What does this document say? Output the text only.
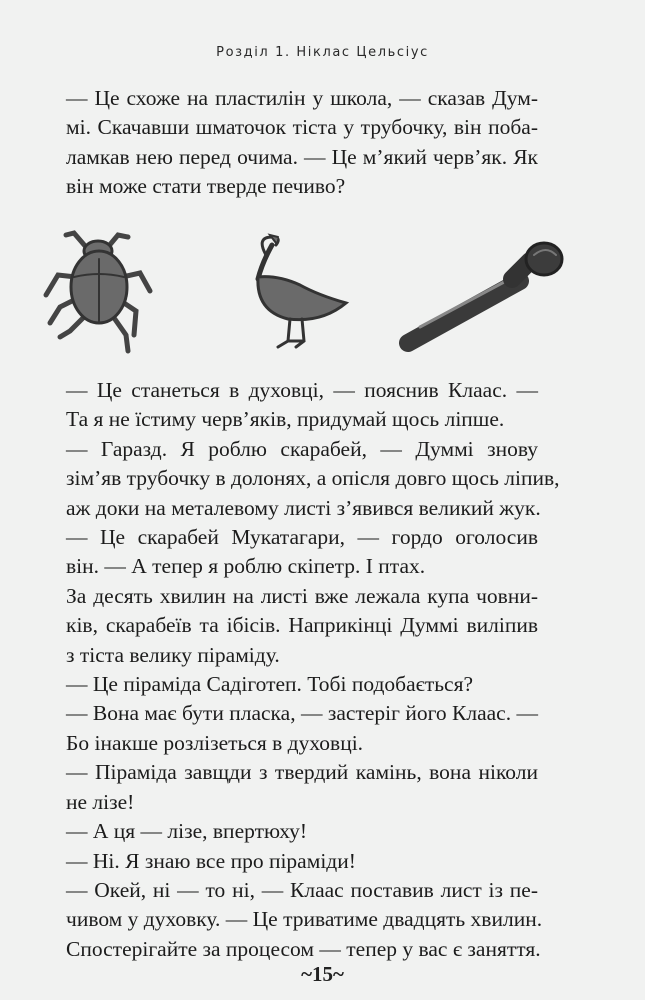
Розділ 1. Ніклас Цельсіус
— Це схоже на пластилін у школа, — сказав Дум-
мі. Скачавши шматочок тіста у трубочку, він поба-
ламкав нею перед очима. — Це м’який черв’як. Як
він може стати тверде печиво?
— Це станеться в духовці, — пояснив Клаас. —
Та я не їстиму черв’яків, придумай щось ліпше.
— Гаразд. Я роблю скарабей, — Думмі знову
зім’яв трубочку в долонях, а опісля довго щось ліпив,
аж доки на металевому листі з’явився великий жук.
— Це скарабей Мукатагари, — гордо оголосив
він. — А тепер я роблю скіпетр. І птах.
За десять хвилин на листі вже лежала купа човни-
ків, скарабеїв та ібісів. Наприкінці Думмі виліпив
з тіста велику піраміду.
— Це піраміда Садіготеп. Тобі подобається?
— Вона має бути пласка, — застеріг його Клаас. —
Бо інакше розлізеться в духовці.
— Піраміда завщди з твердий камінь, вона ніколи
не лізе!
— А ця — лізе, впертюху!
— Ні. Я знаю все про піраміди!
— Окей, ні — то ні, — Клаас поставив лист із пе-
чивом у духовку. — Це триватиме двадцять хвилин.
Спостерігайте за процесом — тепер у вас є заняття.
~15~
